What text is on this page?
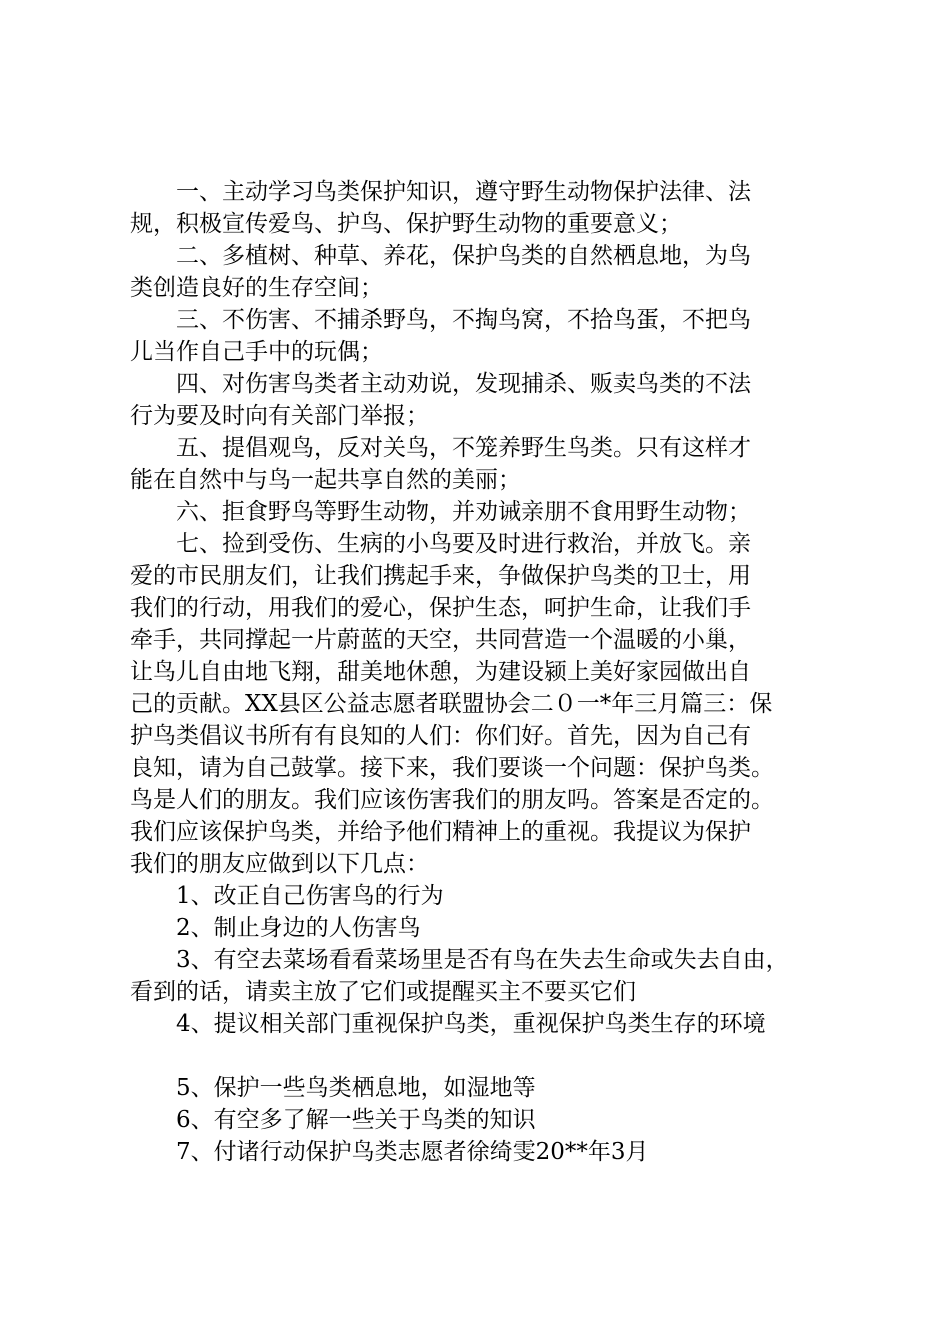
　　一、主动学习鸟类保护知识，遵守野生动物保护法律、法
规，积极宣传爱鸟、护鸟、保护野生动物的重要意义；
　　二、多植树、种草、养花，保护鸟类的自然栖息地，为鸟
类创造良好的生存空间；
　　三、不伤害、不捕杀野鸟，不掏鸟窝，不拾鸟蛋，不把鸟
儿当作自己手中的玩偶；
　　四、对伤害鸟类者主动劝说，发现捕杀、贩卖鸟类的不法
行为要及时向有关部门举报；
　　五、提倡观鸟，反对关鸟，不笼养野生鸟类。只有这样才
能在自然中与鸟一起共享自然的美丽；
　　六、拒食野鸟等野生动物，并劝诫亲朋不食用野生动物；
　　七、捡到受伤、生病的小鸟要及时进行救治，并放飞。亲
爱的市民朋友们，让我们携起手来，争做保护鸟类的卫士，用
我们的行动，用我们的爱心，保护生态，呵护生命，让我们手
牵手，共同撑起一片蔚蓝的天空，共同营造一个温暖的小巢，
让鸟儿自由地飞翔，甜美地休憩，为建设颍上美好家园做出自
己的贡献。XX县区公益志愿者联盟协会二０一*年三月篇三：保
护鸟类倡议书所有有良知的人们：你们好。首先，因为自己有
良知，请为自己鼓掌。接下来，我们要谈一个问题：保护鸟类。
鸟是人们的朋友。我们应该伤害我们的朋友吗。答案是否定的。
我们应该保护鸟类，并给予他们精神上的重视。我提议为保护
我们的朋友应做到以下几点：
　　1、改正自己伤害鸟的行为
　　2、制止身边的人伤害鸟
　　3、有空去菜场看看菜场里是否有鸟在失去生命或失去自由，
看到的话，请卖主放了它们或提醒买主不要买它们
　　4、提议相关部门重视保护鸟类，重视保护鸟类生存的环境
　　5、保护一些鸟类栖息地，如湿地等
　　6、有空多了解一些关于鸟类的知识
　　7、付诸行动保护鸟类志愿者徐绮雯20**年3月
